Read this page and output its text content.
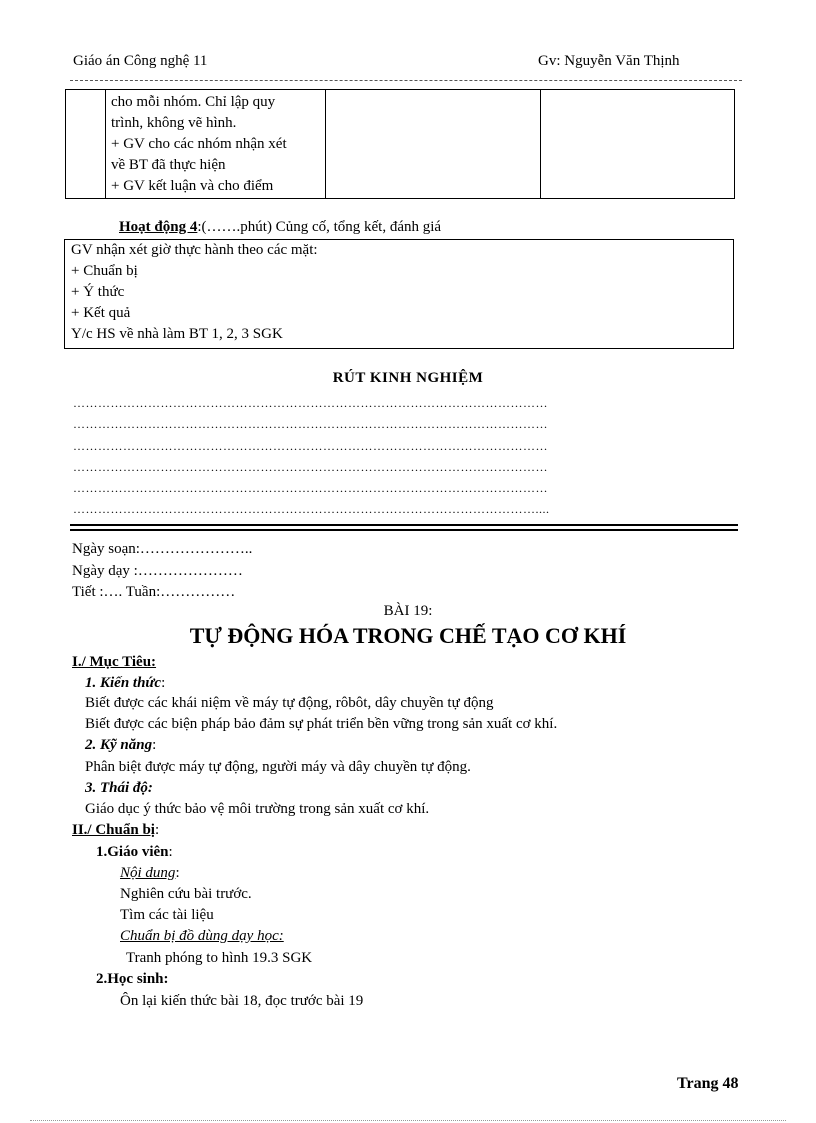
Giáo án Công nghệ 11	Gv: Nguyễn Văn Thịnh
cho mỗi nhóm. Chỉ lập quy
trình, không vẽ hình.
+ GV cho các nhóm nhận xét
về BT đã thực hiện
+ GV kết luận và cho điểm
Hoạt động 4:(…….phút) Củng cố, tổng kết, đánh giá
GV nhận xét giờ thực hành theo các mặt:
+ Chuẩn bị
+ Ý thức
+ Kết quả
Y/c HS về nhà làm BT 1, 2, 3 SGK
RÚT KINH NGHIỆM
……………………………………………………………………………………………………
……………………………………………………………………………………………………
……………………………………………………………………………………………………
……………………………………………………………………………………………………
……………………………………………………………………………………………………
…………………………………………………………………………………………………....
Ngày soạn:…………………..
Ngày dạy :…………………
Tiết :…. Tuần:……………
BÀI 19:
TỰ ĐỘNG HÓA TRONG CHẾ TẠO CƠ KHÍ
I./ Mục Tiêu:
1. Kiến thức:
Biết được các khái niệm về máy tự động, rôbôt, dây chuyền tự động
Biết được các biện pháp bảo đảm sự phát triển bền vững trong sản xuất cơ khí.
2. Kỹ năng:
Phân biệt được máy tự động, người máy và dây chuyền tự động.
3. Thái độ:
Giáo dục ý thức bảo vệ môi trường trong sản xuất cơ khí.
II./ Chuẩn bị:
1.Giáo viên:
Nội dung:
Nghiên cứu bài trước.
Tìm các tài liệu
Chuẩn bị đồ dùng dạy học:
Tranh phóng to hình 19.3 SGK
2.Học sinh:
Ôn lại kiến thức bài 18, đọc trước bài 19
Trang 48
